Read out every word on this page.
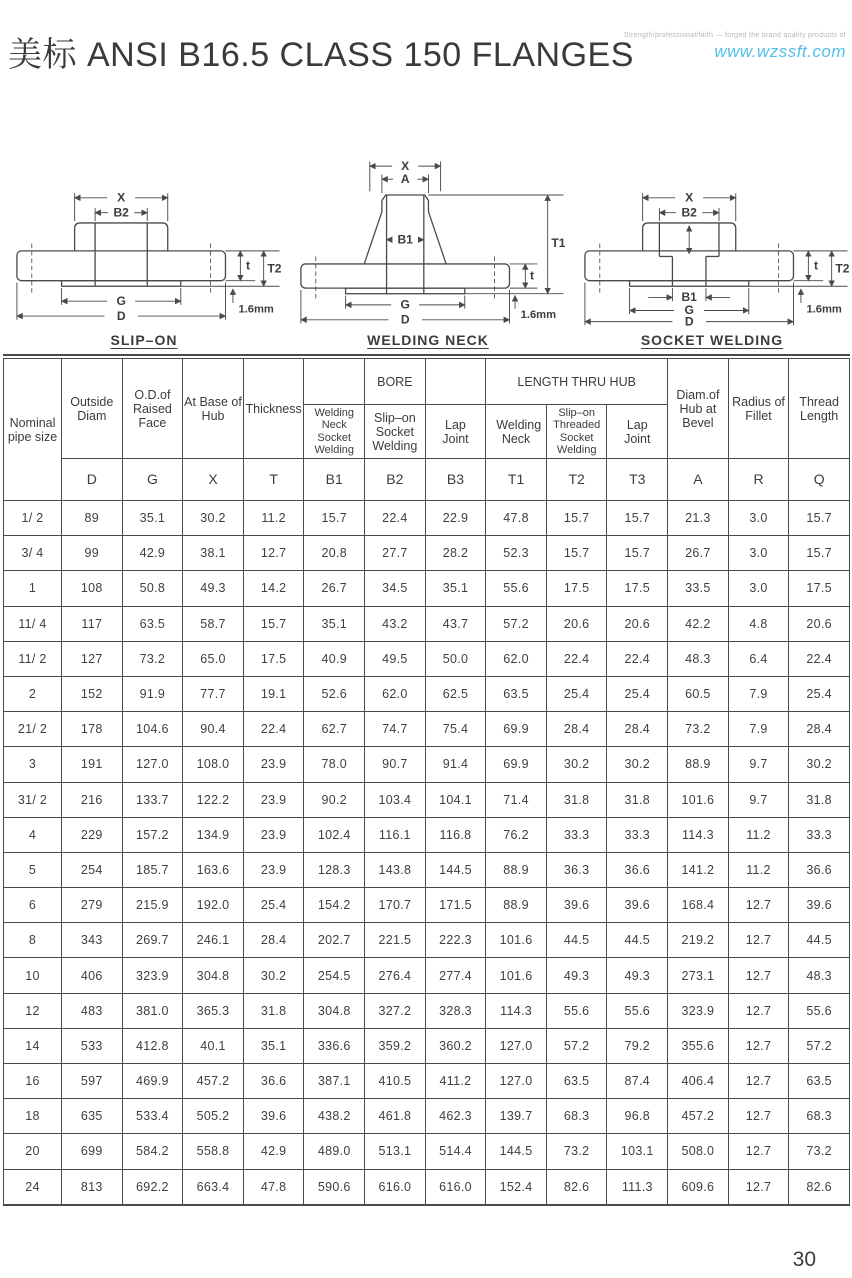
Strength/professional/faith — forged the brand quality products of
www.wzssft.com
美标 ANSI B16.5 CLASS 150 FLANGES
X
B2
t T2
1.6mm
G
D
SLIP–ON
X
A
B1
t
T1
1.6mm
G
D
WELDING NECK
X
B2
t T2
1.6mm
B1
G
D
SOCKET WELDING
Nominal pipe size	Outside Diam	O.D.of Raised Face	At Base of Hub	Thickness		BORE		LENGTH THRU HUB			Diam.of Hub at Bevel	Radius of Fillet	Thread Length
					Welding Neck Socket Welding	Slip–on Socket Welding	Lap Joint	Welding Neck	Slip–on Threaded Socket Welding	Lap Joint			
	D	G	X	T	B1	B2	B3	T1	T2	T3	A	R	Q
1/ 2	89	35.1	30.2	11.2	15.7	22.4	22.9	47.8	15.7	15.7	21.3	3.0	15.7
3/ 4	99	42.9	38.1	12.7	20.8	27.7	28.2	52.3	15.7	15.7	26.7	3.0	15.7
1	108	50.8	49.3	14.2	26.7	34.5	35.1	55.6	17.5	17.5	33.5	3.0	17.5
11/ 4	117	63.5	58.7	15.7	35.1	43.2	43.7	57.2	20.6	20.6	42.2	4.8	20.6
11/ 2	127	73.2	65.0	17.5	40.9	49.5	50.0	62.0	22.4	22.4	48.3	6.4	22.4
2	152	91.9	77.7	19.1	52.6	62.0	62.5	63.5	25.4	25.4	60.5	7.9	25.4
21/ 2	178	104.6	90.4	22.4	62.7	74.7	75.4	69.9	28.4	28.4	73.2	7.9	28.4
3	191	127.0	108.0	23.9	78.0	90.7	91.4	69.9	30.2	30.2	88.9	9.7	30.2
31/ 2	216	133.7	122.2	23.9	90.2	103.4	104.1	71.4	31.8	31.8	101.6	9.7	31.8
4	229	157.2	134.9	23.9	102.4	116.1	116.8	76.2	33.3	33.3	114.3	11.2	33.3
5	254	185.7	163.6	23.9	128.3	143.8	144.5	88.9	36.3	36.6	141.2	11.2	36.6
6	279	215.9	192.0	25.4	154.2	170.7	171.5	88.9	39.6	39.6	168.4	12.7	39.6
8	343	269.7	246.1	28.4	202.7	221.5	222.3	101.6	44.5	44.5	219.2	12.7	44.5
10	406	323.9	304.8	30.2	254.5	276.4	277.4	101.6	49.3	49.3	273.1	12.7	48.3
12	483	381.0	365.3	31.8	304.8	327.2	328.3	114.3	55.6	55.6	323.9	12.7	55.6
14	533	412.8	40.1	35.1	336.6	359.2	360.2	127.0	57.2	79.2	355.6	12.7	57.2
16	597	469.9	457.2	36.6	387.1	410.5	411.2	127.0	63.5	87.4	406.4	12.7	63.5
18	635	533.4	505.2	39.6	438.2	461.8	462.3	139.7	68.3	96.8	457.2	12.7	68.3
20	699	584.2	558.8	42.9	489.0	513.1	514.4	144.5	73.2	103.1	508.0	12.7	73.2
24	813	692.2	663.4	47.8	590.6	616.0	616.0	152.4	82.6	111.3	609.6	12.7	82.6
30
